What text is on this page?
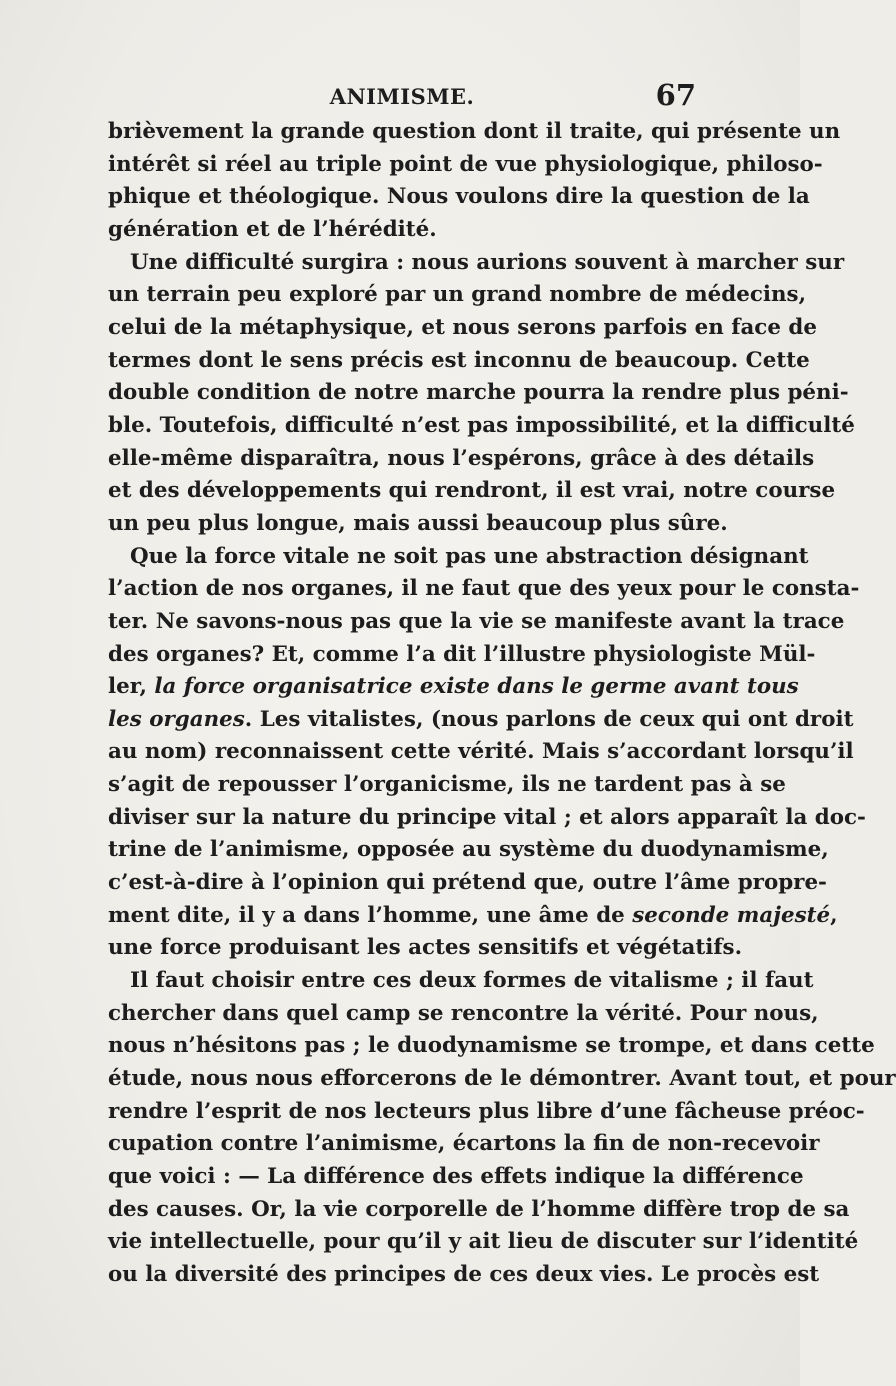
ANIMISME.	67
brièvement la grande question dont il traite, qui présente un
intérêt si réel au triple point de vue physiologique, philoso-
phique et théologique. Nous voulons dire la question de la
génération et de l’hérédité.
Une difficulté surgira : nous aurions souvent à marcher sur
un terrain peu exploré par un grand nombre de médecins,
celui de la métaphysique, et nous serons parfois en face de
termes dont le sens précis est inconnu de beaucoup. Cette
double condition de notre marche pourra la rendre plus péni-
ble. Toutefois, difficulté n’est pas impossibilité, et la difficulté
elle-même disparaîtra, nous l’espérons, grâce à des détails
et des développements qui rendront, il est vrai, notre course
un peu plus longue, mais aussi beaucoup plus sûre.
Que la force vitale ne soit pas une abstraction désignant
l’action de nos organes, il ne faut que des yeux pour le consta-
ter. Ne savons-nous pas que la vie se manifeste avant la trace
des organes? Et, comme l’a dit l’illustre physiologiste Mül-
ler, la force organisatrice existe dans le germe avant tous
les organes. Les vitalistes, (nous parlons de ceux qui ont droit
au nom) reconnaissent cette vérité. Mais s’accordant lorsqu’il
s’agit de repousser l’organicisme, ils ne tardent pas à se
diviser sur la nature du principe vital ; et alors apparaît la doc-
trine de l’animisme, opposée au système du duodynamisme,
c’est-à-dire à l’opinion qui prétend que, outre l’âme propre-
ment dite, il y a dans l’homme, une âme de seconde majesté,
une force produisant les actes sensitifs et végétatifs.
Il faut choisir entre ces deux formes de vitalisme ; il faut
chercher dans quel camp se rencontre la vérité. Pour nous,
nous n’hésitons pas ; le duodynamisme se trompe, et dans cette
étude, nous nous efforcerons de le démontrer. Avant tout, et pour
rendre l’esprit de nos lecteurs plus libre d’une fâcheuse préoc-
cupation contre l’animisme, écartons la fin de non-recevoir
que voici : — La différence des effets indique la différence
des causes. Or, la vie corporelle de l’homme diffère trop de sa
vie intellectuelle, pour qu’il y ait lieu de discuter sur l’identité
ou la diversité des principes de ces deux vies. Le procès est
